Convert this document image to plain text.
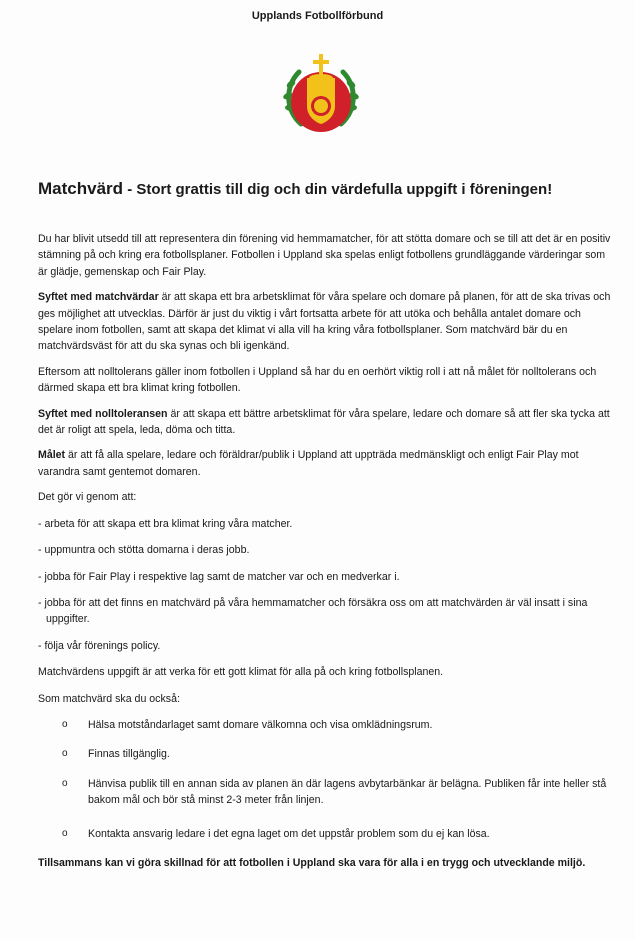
Upplands Fotbollförbund
UPPLANDS FOTBOLLFÖRBUND
Matchvärd - Stort grattis till dig och din värdefulla uppgift i föreningen!

Du har blivit utsedd till att representera din förening vid hemmamatcher, för att stötta domare och se till att det är en positiv stämning på och kring era fotbollsplaner. Fotbollen i Uppland ska spelas enligt fotbollens grundläggande värderingar som är glädje, gemenskap och Fair Play.

Syftet med matchvärdar är att skapa ett bra arbetsklimat för våra spelare och domare på planen, för att de ska trivas och ges möjlighet att utvecklas. Därför är just du viktig i vårt fortsatta arbete för att utöka och behålla antalet domare och spelare inom fotbollen, samt att skapa det klimat vi alla vill ha kring våra fotbollsplaner. Som matchvärd bär du en matchvärdsväst för att du ska synas och bli igenkänd.

Eftersom att nolltolerans gäller inom fotbollen i Uppland så har du en oerhört viktig roll i att nå målet för nolltolerans och därmed skapa ett bra klimat kring fotbollen.

Syftet med nolltoleransen är att skapa ett bättre arbetsklimat för våra spelare, ledare och domare så att fler ska tycka att det är roligt att spela, leda, döma och titta.

Målet är att få alla spelare, ledare och föräldrar/publik i Uppland att uppträda medmänskligt och enligt Fair Play mot varandra samt gentemot domaren.

Det gör vi genom att:

- arbeta för att skapa ett bra klimat kring våra matcher.
- uppmuntra och stötta domarna i deras jobb.
- jobba för Fair Play i respektive lag samt de matcher var och en medverkar i.
- jobba för att det finns en matchvärd på våra hemmamatcher och försäkra oss om att matchvärden är väl insatt i sina uppgifter.
- följa vår förenings policy.

Matchvärdens uppgift är att verka för ett gott klimat för alla på och kring fotbollsplanen.

Som matchvärd ska du också:

o Hälsa motståndarlaget samt domare välkomna och visa omklädningsrum.
o Finnas tillgänglig.
o Hänvisa publik till en annan sida av planen än där lagens avbytarbänkar är belägna. Publiken får inte heller stå bakom mål och bör stå minst 2-3 meter från linjen.
o Kontakta ansvarig ledare i det egna laget om det uppstår problem som du ej kan lösa.

Tillsammans kan vi göra skillnad för att fotbollen i Uppland ska vara för alla i en trygg och utvecklande miljö.
